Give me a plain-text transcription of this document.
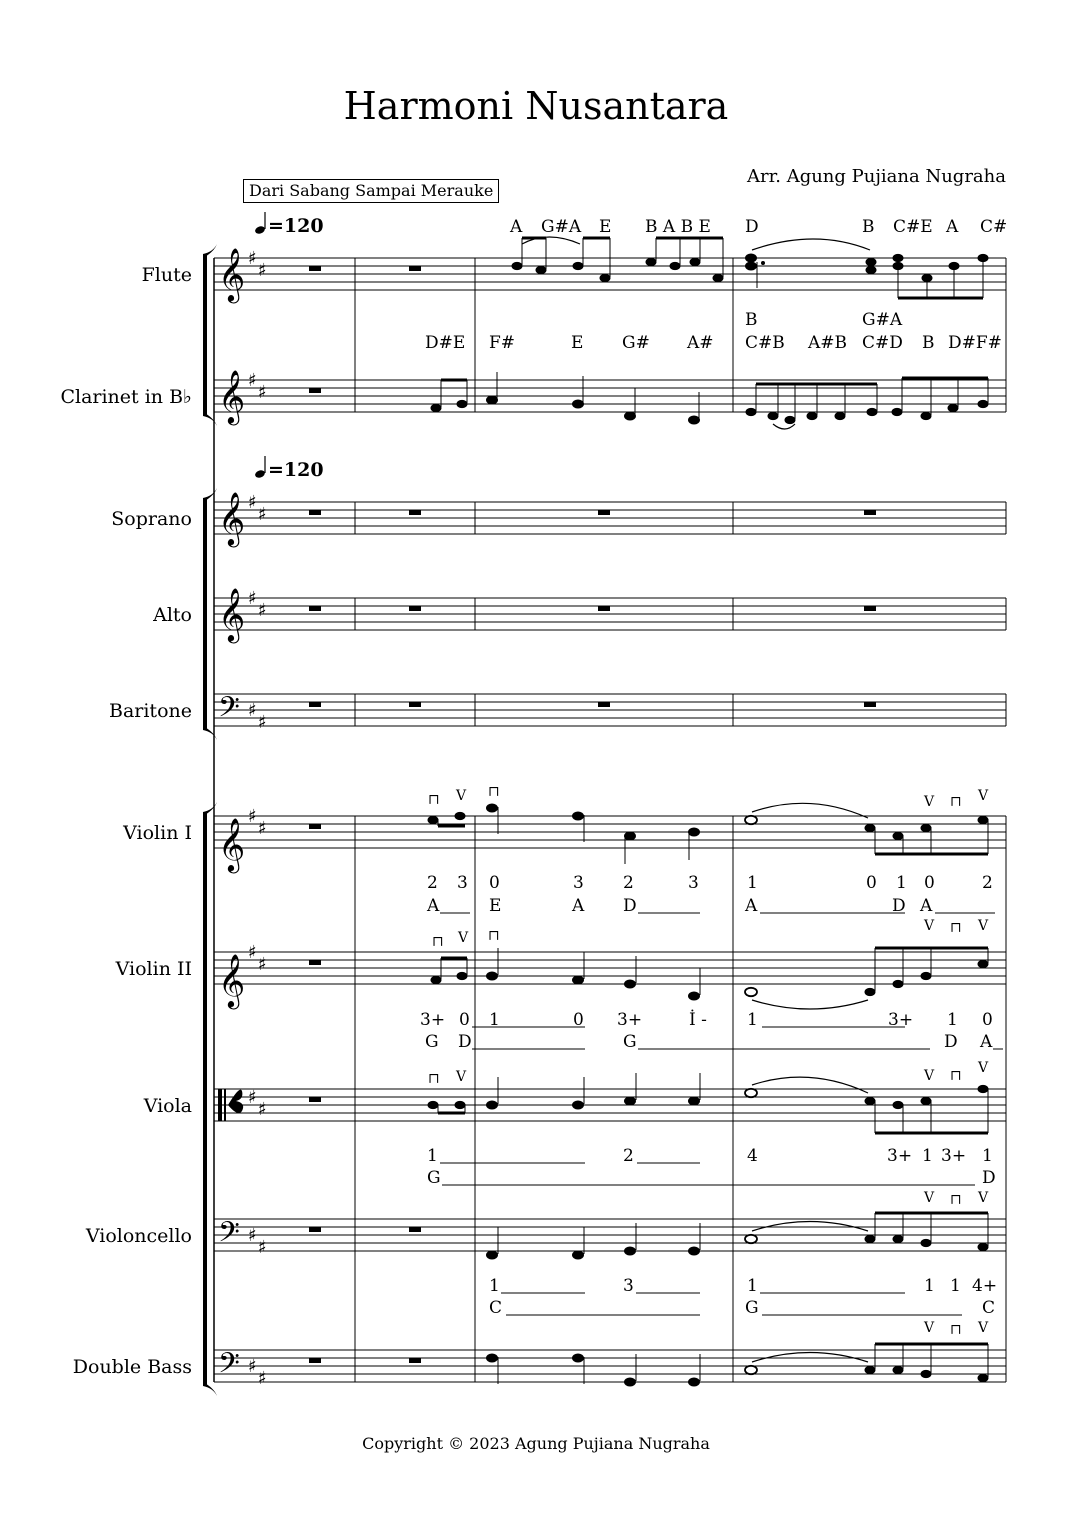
Harmoni Nusantara
Arr. Agung Pujiana Nugraha
Dari Sabang Sampai Merauke
Flute
Clarinet in B♭
Soprano
Alto
Baritone
Violin I
Violin II
Viola
Violoncello
Double Bass
𝄞
𝄞
𝄞
𝄞
𝄞
𝄞
𝄢
𝄢
𝄢
♯
♯
♯
♯
♯
♯
♯
♯
♯
♯
♯
♯
♯
♯
♯
♯
♯
♯
♯
♯
=120
=120
⊓ V ⊓
V ⊓ V
⊓ V ⊓
V ⊓ V
⊓ V	V ⊓ V
V ⊓ V
V ⊓ V
A G#A E B A B E D	B C#E A C#
B	G#A
D#E F#	E G# A# C#B A#B C#D B D#F#
2 3 0	3 2	3	1	0 1 0	2
A	E	A D	A	D A
3+ 0 1	0 3+	İ - 1	3+ 1 0
G D	G	D A
1	2	4	3+ 1 3+ 1
G	D
1	3	1	1 1 4+
C	G	C
Copyright © 2023 Agung Pujiana Nugraha
